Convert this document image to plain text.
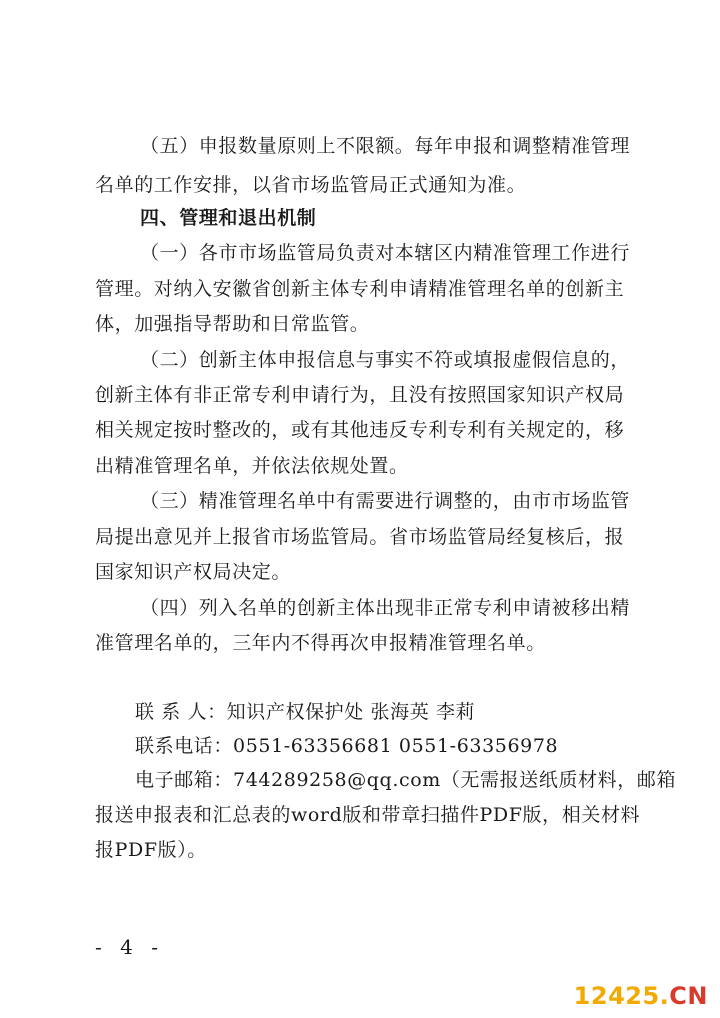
（五）申报数量原则上不限额。每年申报和调整精准管理
名单的工作安排，以省市场监管局正式通知为准。
四、管理和退出机制
（一）各市市场监管局负责对本辖区内精准管理工作进行
管理。对纳入安徽省创新主体专利申请精准管理名单的创新主
体，加强指导帮助和日常监管。
（二）创新主体申报信息与事实不符或填报虚假信息的，
创新主体有非正常专利申请行为，且没有按照国家知识产权局
相关规定按时整改的，或有其他违反专利专利有关规定的，移
出精准管理名单，并依法依规处置。
（三）精准管理名单中有需要进行调整的，由市市场监管
局提出意见并上报省市场监管局。省市场监管局经复核后，报
国家知识产权局决定。
（四）列入名单的创新主体出现非正常专利申请被移出精
准管理名单的，三年内不得再次申报精准管理名单。
联 系 人：知识产权保护处 张海英 李莉
联系电话：0551-63356681 0551-63356978
电子邮箱：744289258@qq.com（无需报送纸质材料，邮箱
报送申报表和汇总表的word版和带章扫描件PDF版，相关材料
报PDF版）。
- 4 -
12425.CN
